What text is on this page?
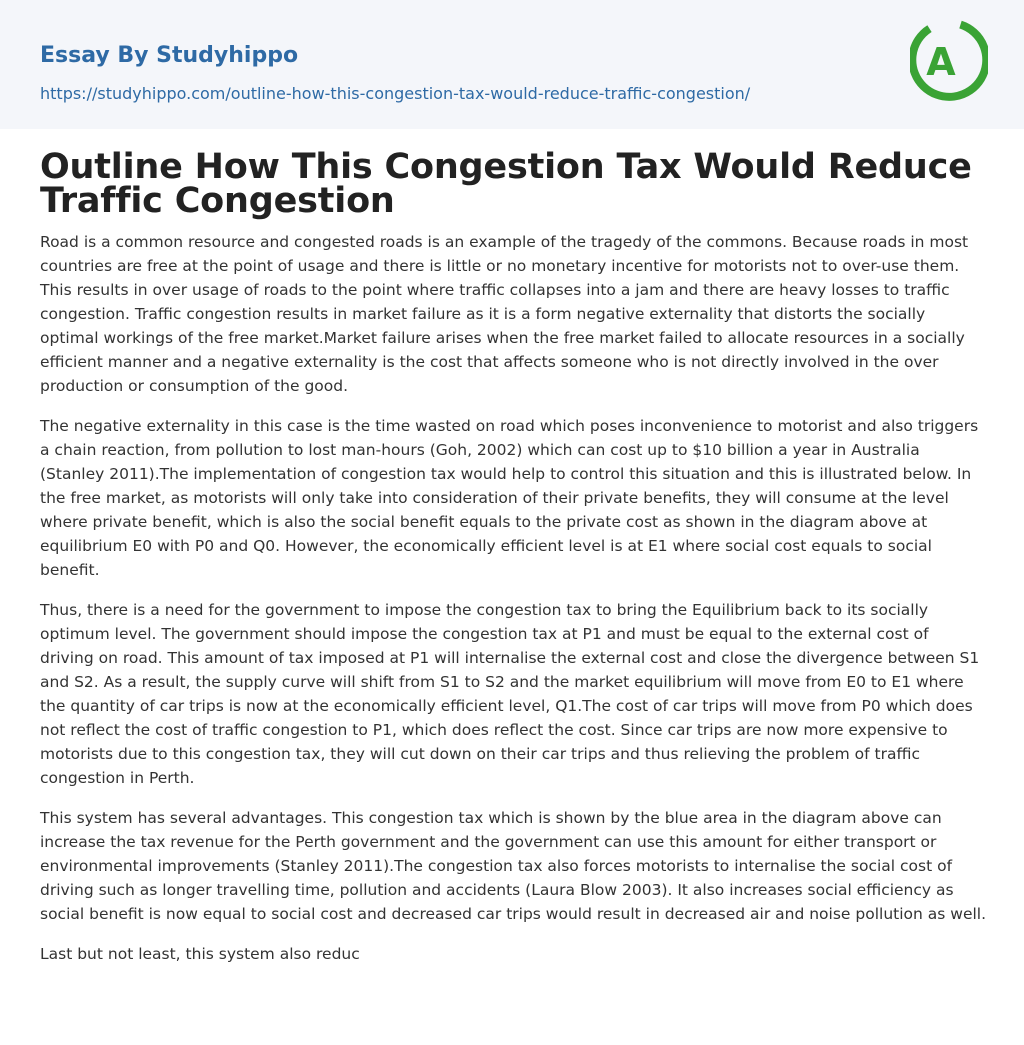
Essay By Studyhippo
https://studyhippo.com/outline-how-this-congestion-tax-would-reduce-traffic-congestion/
A
Outline How This Congestion Tax Would Reduce Traffic Congestion

Road is a common resource and congested roads is an example of the tragedy of the commons. Because roads in most countries are free at the point of usage and there is little or no monetary incentive for motorists not to over-use them. This results in over usage of roads to the point where traffic collapses into a jam and there are heavy losses to traffic congestion. Traffic congestion results in market failure as it is a form negative externality that distorts the socially optimal workings of the free market.Market failure arises when the free market failed to allocate resources in a socially efficient manner and a negative externality is the cost that affects someone who is not directly involved in the over production or consumption of the good.

The negative externality in this case is the time wasted on road which poses inconvenience to motorist and also triggers a chain reaction, from pollution to lost man-hours (Goh, 2002) which can cost up to $10 billion a year in Australia (Stanley 2011).The implementation of congestion tax would help to control this situation and this is illustrated below. In the free market, as motorists will only take into consideration of their private benefits, they will consume at the level where private benefit, which is also the social benefit equals to the private cost as shown in the diagram above at equilibrium E0 with P0 and Q0. However, the economically efficient level is at E1 where social cost equals to social benefit.

Thus, there is a need for the government to impose the congestion tax to bring the Equilibrium back to its socially optimum level. The government should impose the congestion tax at P1 and must be equal to the external cost of driving on road. This amount of tax imposed at P1 will internalise the external cost and close the divergence between S1 and S2. As a result, the supply curve will shift from S1 to S2 and the market equilibrium will move from E0 to E1 where the quantity of car trips is now at the economically efficient level, Q1.The cost of car trips will move from P0 which does not reflect the cost of traffic congestion to P1, which does reflect the cost. Since car trips are now more expensive to motorists due to this congestion tax, they will cut down on their car trips and thus relieving the problem of traffic congestion in Perth.

This system has several advantages. This congestion tax which is shown by the blue area in the diagram above can increase the tax revenue for the Perth government and the government can use this amount for either transport or environmental improvements (Stanley 2011).The congestion tax also forces motorists to internalise the social cost of driving such as longer travelling time, pollution and accidents (Laura Blow 2003). It also increases social efficiency as social benefit is now equal to social cost and decreased car trips would result in decreased air and noise pollution as well.

Last but not least, this system also reduc
